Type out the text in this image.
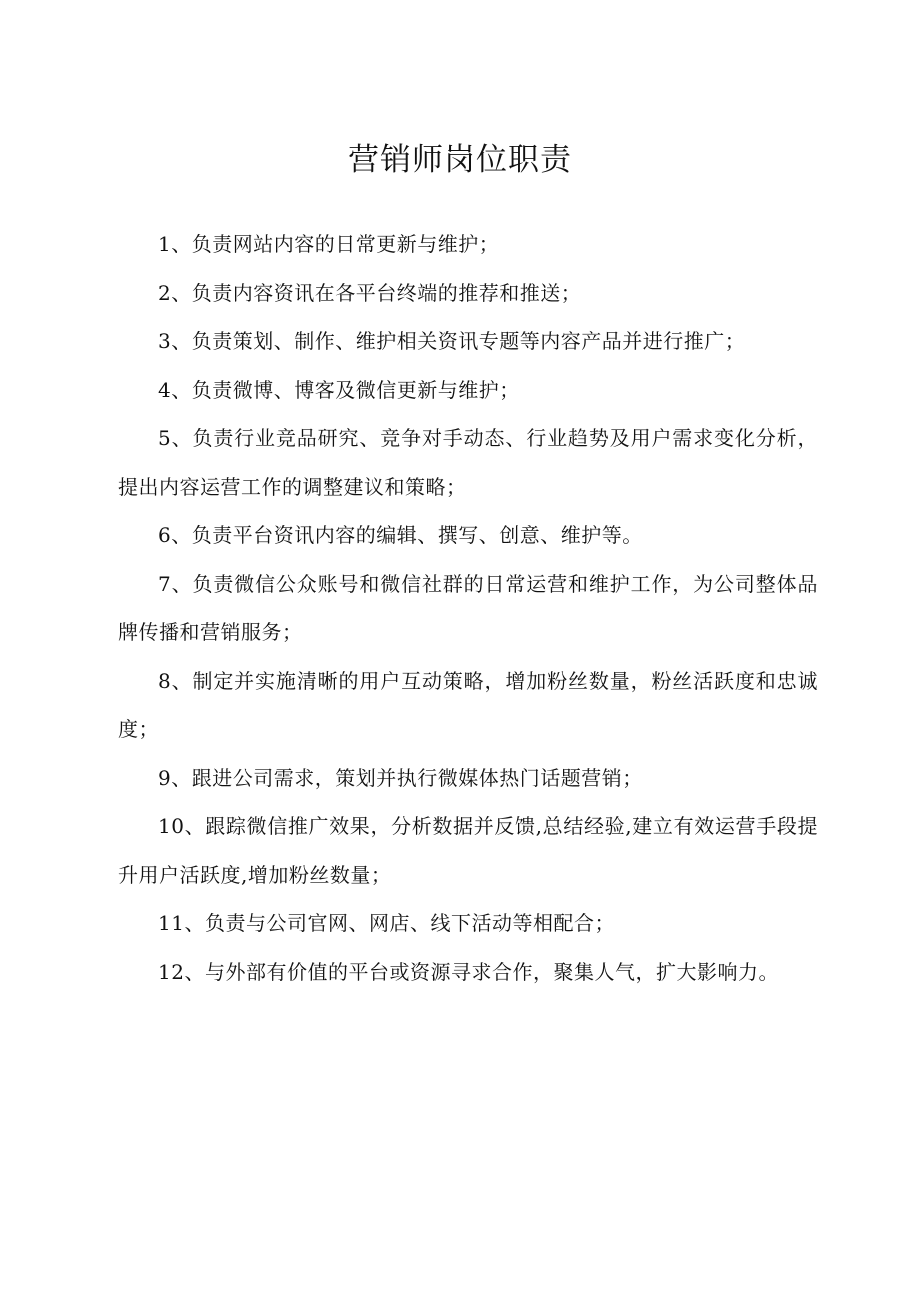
营销师岗位职责
1、负责网站内容的日常更新与维护；
2、负责内容资讯在各平台终端的推荐和推送；
3、负责策划、制作、维护相关资讯专题等内容产品并进行推广；
4、负责微博、博客及微信更新与维护；
5、负责行业竞品研究、竞争对手动态、行业趋势及用户需求变化分析，提出内容运营工作的调整建议和策略；
6、负责平台资讯内容的编辑、撰写、创意、维护等。
7、负责微信公众账号和微信社群的日常运营和维护工作，为公司整体品牌传播和营销服务；
8、制定并实施清晰的用户互动策略，增加粉丝数量，粉丝活跃度和忠诚度；
9、跟进公司需求，策划并执行微媒体热门话题营销；
10、跟踪微信推广效果，分析数据并反馈,总结经验,建立有效运营手段提升用户活跃度,增加粉丝数量；
11、负责与公司官网、网店、线下活动等相配合；
12、与外部有价值的平台或资源寻求合作，聚集人气，扩大影响力。
